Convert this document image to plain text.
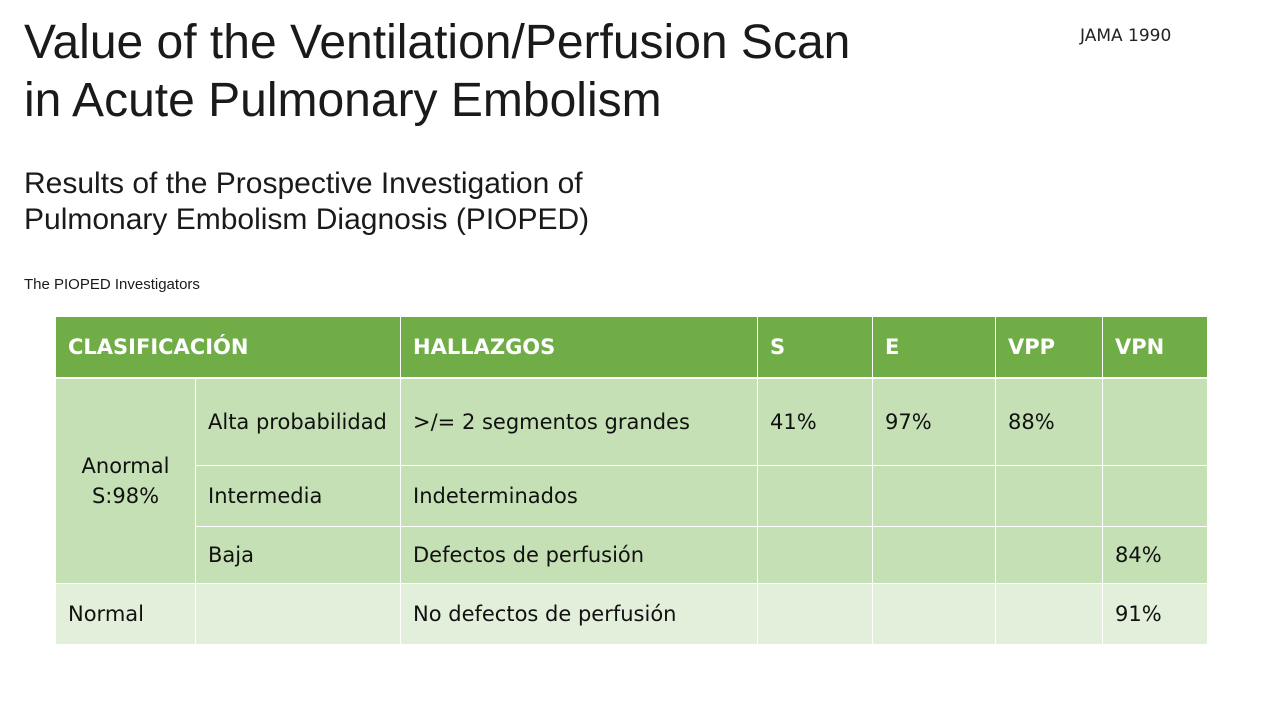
JAMA 1990
Value of the Ventilation/Perfusion Scan
in Acute Pulmonary Embolism
Results of the Prospective Investigation of
Pulmonary Embolism Diagnosis (PIOPED)

The PIOPED Investigators

CLASIFICACIÓN		HALLAZGOS	S	E	VPP	VPN

Anormal
S:98%	Alta probabilidad	>/= 2 segmentos grandes	41%	97%	88%	
	Intermedia	Indeterminados				
	Baja	Defectos de perfusión				84%
Normal		No defectos de perfusión				91%
